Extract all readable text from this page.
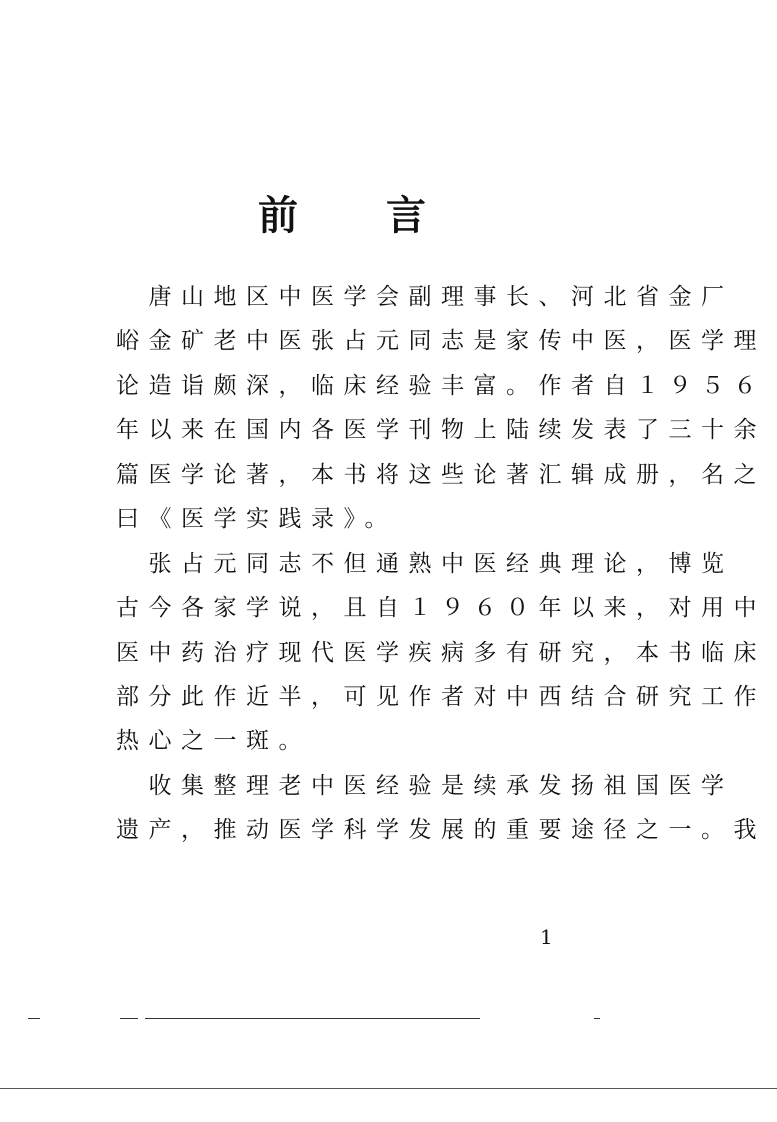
前 言
　唐山地区中医学会副理事长、河北省金厂
峪金矿老中医张占元同志是家传中医，医学理
论造诣颇深，临床经验丰富。作者自１９５６
年以来在国内各医学刊物上陆续发表了三十余
篇医学论著，本书将这些论著汇辑成册，名之
曰《医学实践录》。
　张占元同志不但通熟中医经典理论，博览
古今各家学说，且自１９６０年以来，对用中
医中药治疗现代医学疾病多有研究，本书临床
部分此作近半，可见作者对中西结合研究工作
热心之一斑。
　收集整理老中医经验是续承发扬祖国医学
遗产，推动医学科学发展的重要途径之一。我
1
